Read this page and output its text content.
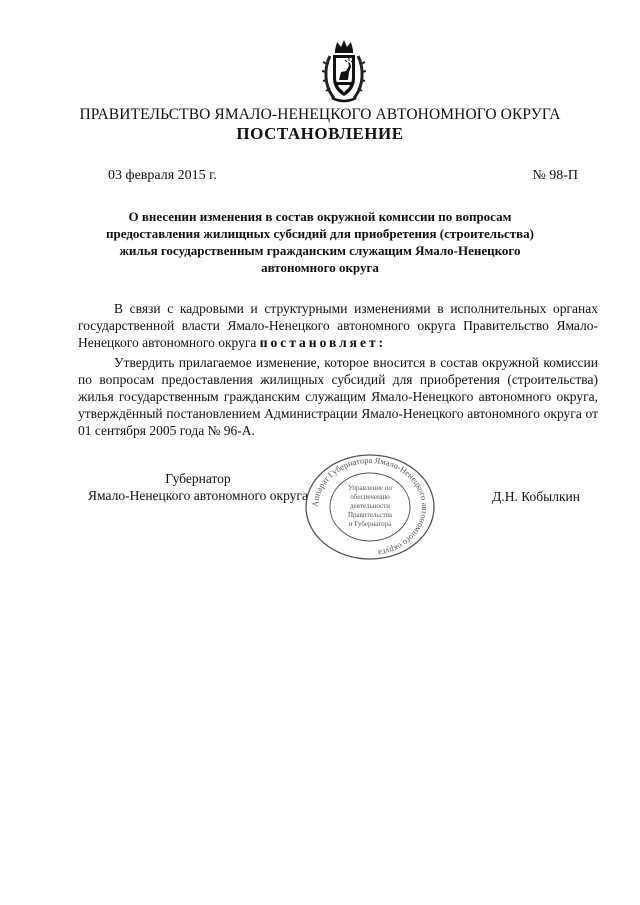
ПРАВИТЕЛЬСТВО ЯМАЛО-НЕНЕЦКОГО АВТОНОМНОГО ОКРУГА
ПОСТАНОВЛЕНИЕ
03 февраля 2015 г.	№ 98-П
О внесении изменения в состав окружной комиссии по вопросам предоставления жилищных субсидий для приобретения (строительства) жилья государственным гражданским служащим Ямало-Ненецкого автономного округа

В связи с кадровыми и структурными изменениями в исполнительных органах государственной власти Ямало-Ненецкого автономного округа Правительство Ямало-Ненецкого автономного округа постановляет:

Утвердить прилагаемое изменение, которое вносится в состав окружной комиссии по вопросам предоставления жилищных субсидий для приобретения (строительства) жилья государственным гражданским служащим Ямало-Ненецкого автономного округа, утверждённый постановлением Администрации Ямало-Ненецкого автономного округа от 01 сентября 2005 года № 96-А.

Губернатор
Ямало-Ненецкого автономного округа
Аппарат Губернатора Ямало-Ненецкого автономного округа
Управление по
обеспечению
деятельности
Правительства
и Губернатора
Д.Н. Кобылкин
